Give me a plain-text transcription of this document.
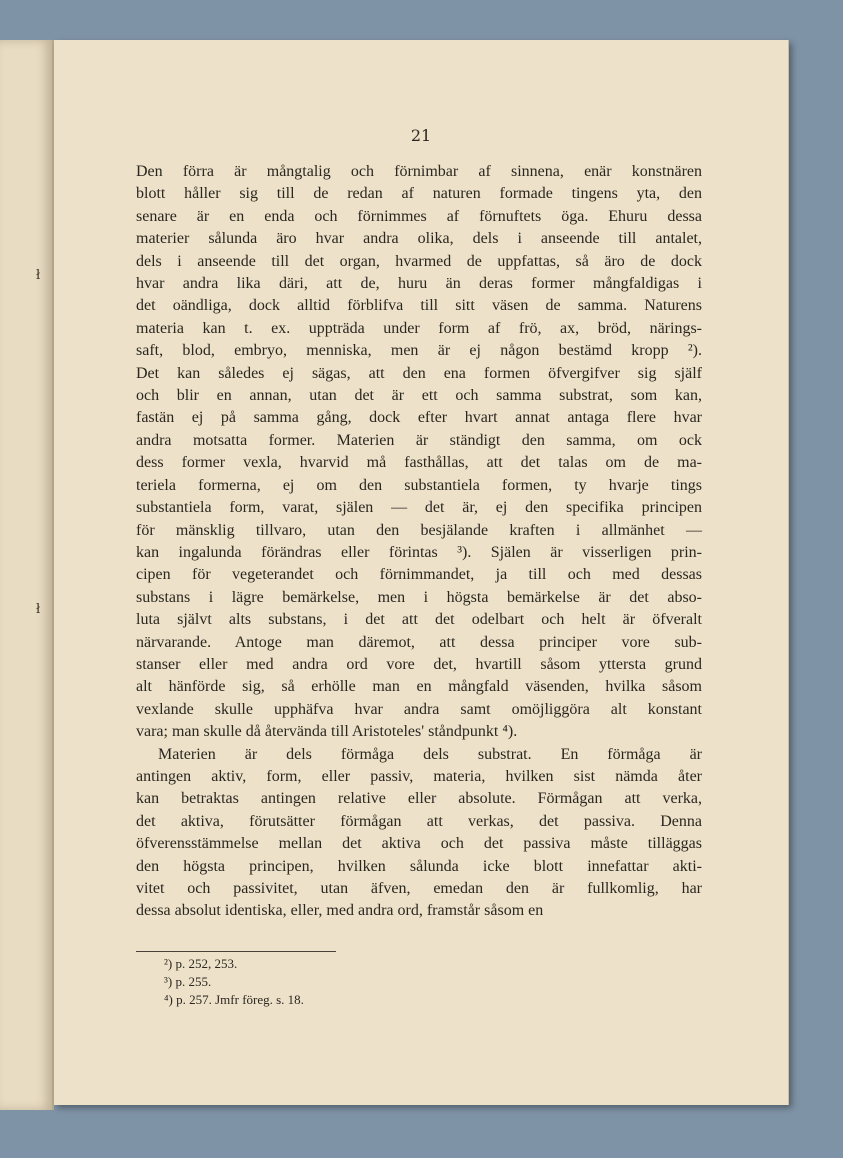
ł
ł
21
Den förra är mångtalig och förnimbar af sinnena, enär konstnären
blott håller sig till de redan af naturen formade tingens yta, den
senare är en enda och förnimmes af förnuftets öga. Ehuru dessa
materier sålunda äro hvar andra olika, dels i anseende till antalet,
dels i anseende till det organ, hvarmed de uppfattas, så äro de dock
hvar andra lika däri, att de, huru än deras former mångfaldigas i
det oändliga, dock alltid förblifva till sitt väsen de samma. Naturens
materia kan t. ex. uppträda under form af frö, ax, bröd, närings-
saft, blod, embryo, menniska, men är ej någon bestämd kropp ²).
Det kan således ej sägas, att den ena formen öfvergifver sig själf
och blir en annan, utan det är ett och samma substrat, som kan,
fastän ej på samma gång, dock efter hvart annat antaga flere hvar
andra motsatta former. Materien är ständigt den samma, om ock
dess former vexla, hvarvid må fasthållas, att det talas om de ma-
teriela formerna, ej om den substantiela formen, ty hvarje tings
substantiela form, varat, själen — det är, ej den specifika principen
för mänsklig tillvaro, utan den besjälande kraften i allmänhet —
kan ingalunda förändras eller förintas ³). Själen är visserligen prin-
cipen för vegeterandet och förnimmandet, ja till och med dessas
substans i lägre bemärkelse, men i högsta bemärkelse är det abso-
luta självt alts substans, i det att det odelbart och helt är öfveralt
närvarande. Antoge man däremot, att dessa principer vore sub-
stanser eller med andra ord vore det, hvartill såsom yttersta grund
alt hänförde sig, så erhölle man en mångfald väsenden, hvilka såsom
vexlande skulle upphäfva hvar andra samt omöjliggöra alt konstant
vara; man skulle då återvända till Aristoteles' ståndpunkt ⁴).
Materien är dels förmåga dels substrat. En förmåga är
antingen aktiv, form, eller passiv, materia, hvilken sist nämda åter
kan betraktas antingen relative eller absolute. Förmågan att verka,
det aktiva, förutsätter förmågan att verkas, det passiva. Denna
öfverensstämmelse mellan det aktiva och det passiva måste tilläggas
den högsta principen, hvilken sålunda icke blott innefattar akti-
vitet och passivitet, utan äfven, emedan den är fullkomlig, har
dessa absolut identiska, eller, med andra ord, framstår såsom en
²) p. 252, 253.
³) p. 255.
⁴) p. 257. Jmfr föreg. s. 18.
